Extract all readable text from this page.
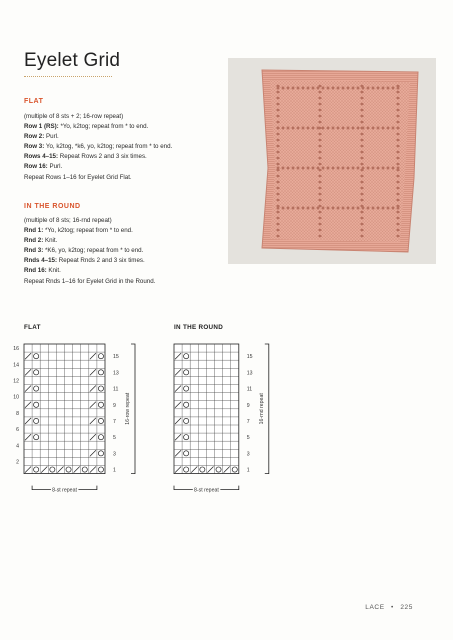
Eyelet Grid
FLAT
(multiple of 8 sts + 2; 16-row repeat)
Row 1 (RS): *Yo, k2tog; repeat from * to end.
Row 2: Purl.
Row 3: Yo, k2tog, *k6, yo, k2tog; repeat from * to end.
Rows 4–15: Repeat Rows 2 and 3 six times.
Row 16: Purl.
Repeat Rows 1–16 for Eyelet Grid Flat.
IN THE ROUND
(multiple of 8 sts; 16-rnd repeat)
Rnd 1: *Yo, k2tog; repeat from * to end.
Rnd 2: Knit.
Rnd 3: *K6, yo, k2tog; repeat from * to end.
Rnds 4–15: Repeat Rnds 2 and 3 six times.
Rnd 16: Knit.
Repeat Rnds 1–16 for Eyelet Grid in the Round.
FLAT	IN THE ROUND
1
3
5
7
9
11
13
15
2
4
6
8
10
12
14
16
16-row repeat
8-st repeat
1
3
5
7
9
11
13
15
16-rnd repeat
8-st repeat
LACE • 225
